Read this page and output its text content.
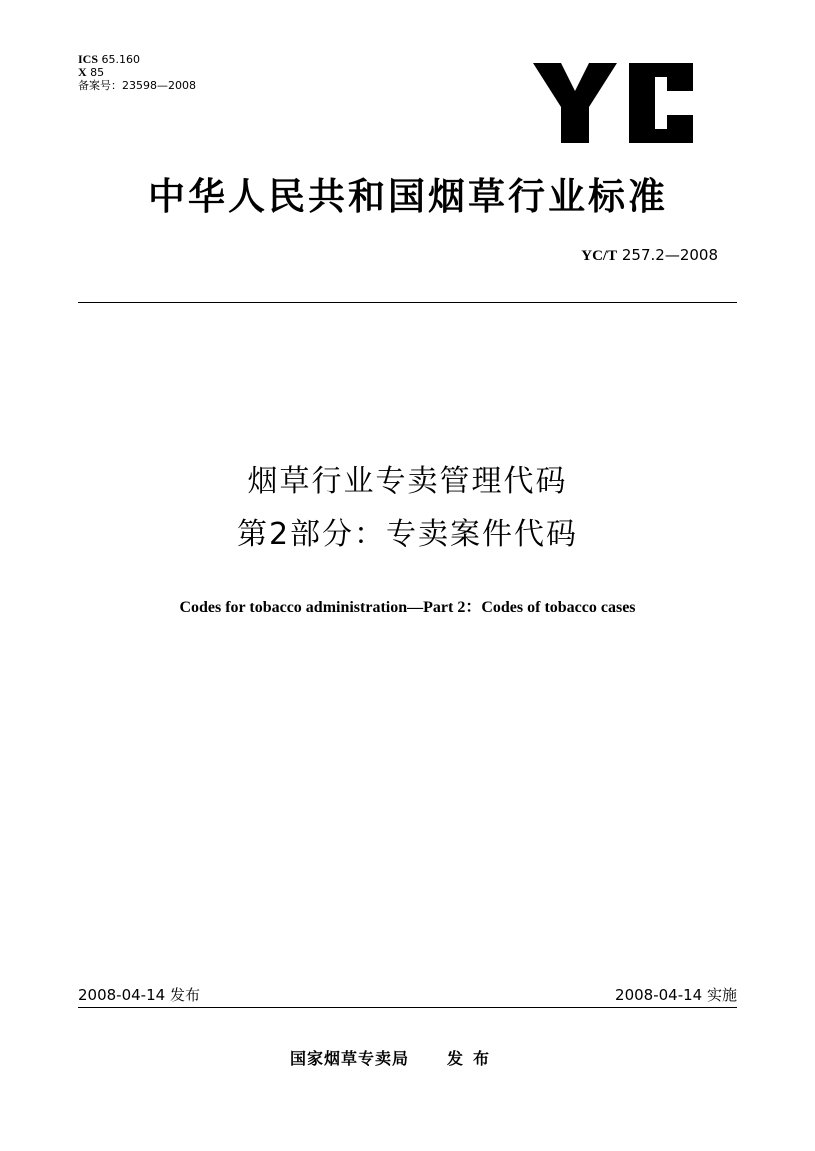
ICS 65.160
X 85
备案号：23598—2008
中华人民共和国烟草行业标准
YC/T 257.2—2008
烟草行业专卖管理代码
第2部分：专卖案件代码
Codes for tobacco administration—Part 2：Codes of tobacco cases
2008-04-14 发布	2008-04-14 实施
国家烟草专卖局 发布
